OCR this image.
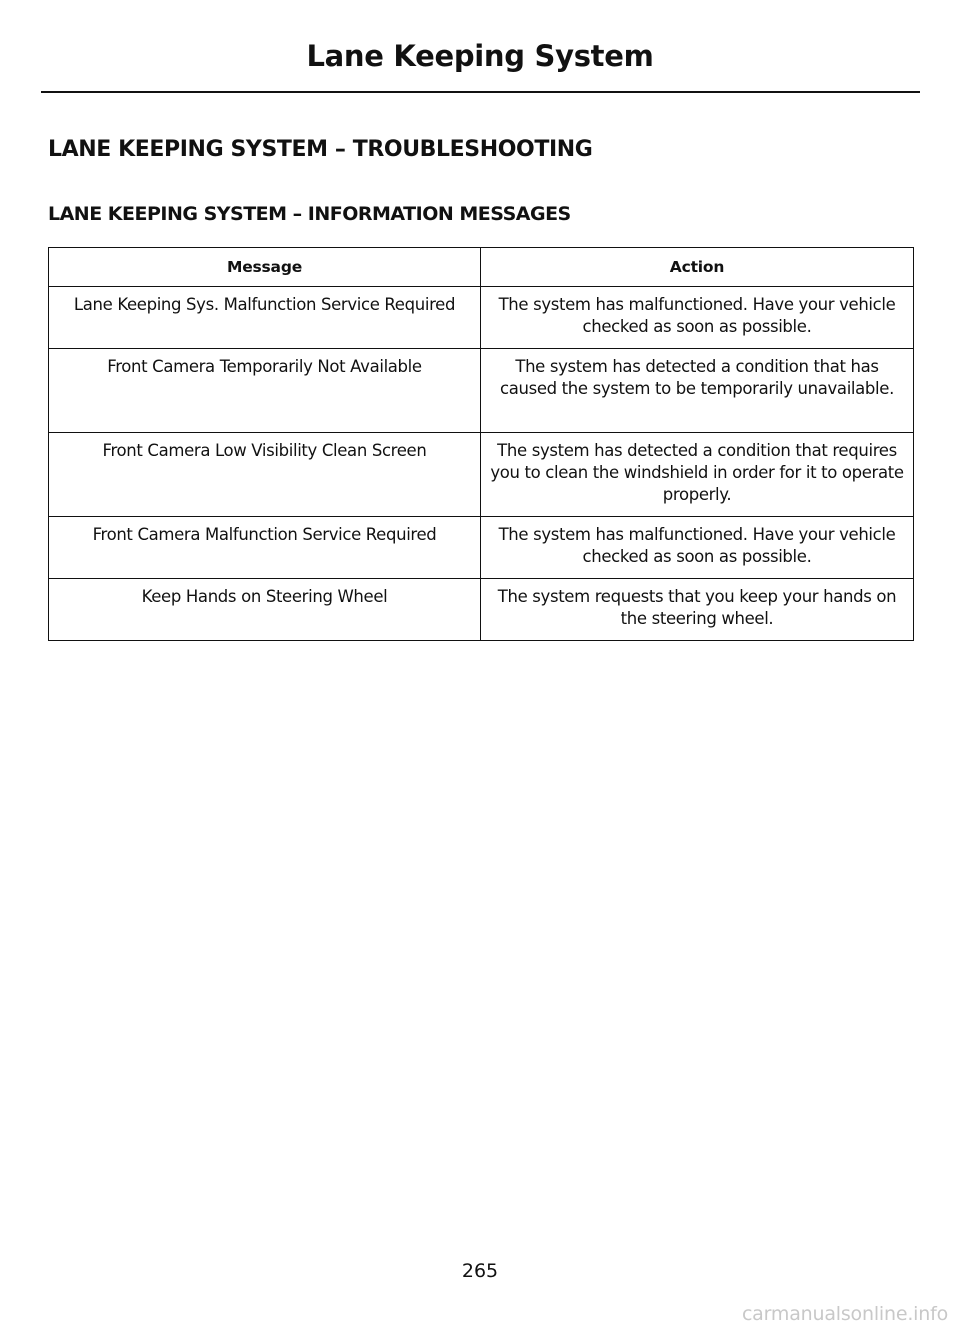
Lane Keeping System
LANE KEEPING SYSTEM – TROUBLESHOOTING
LANE KEEPING SYSTEM – INFORMATION MESSAGES
Message	Action
Lane Keeping Sys. Malfunction Service Required	The system has malfunctioned. Have your vehicle checked as soon as possible.
Front Camera Temporarily Not Available	The system has detected a condition that has caused the system to be temporarily unavailable.
Front Camera Low Visibility Clean Screen	The system has detected a condition that requires you to clean the windshield in order for it to operate properly.
Front Camera Malfunction Service Required	The system has malfunctioned. Have your vehicle checked as soon as possible.
Keep Hands on Steering Wheel	The system requests that you keep your hands on the steering wheel.
265
carmanualsonline.info
